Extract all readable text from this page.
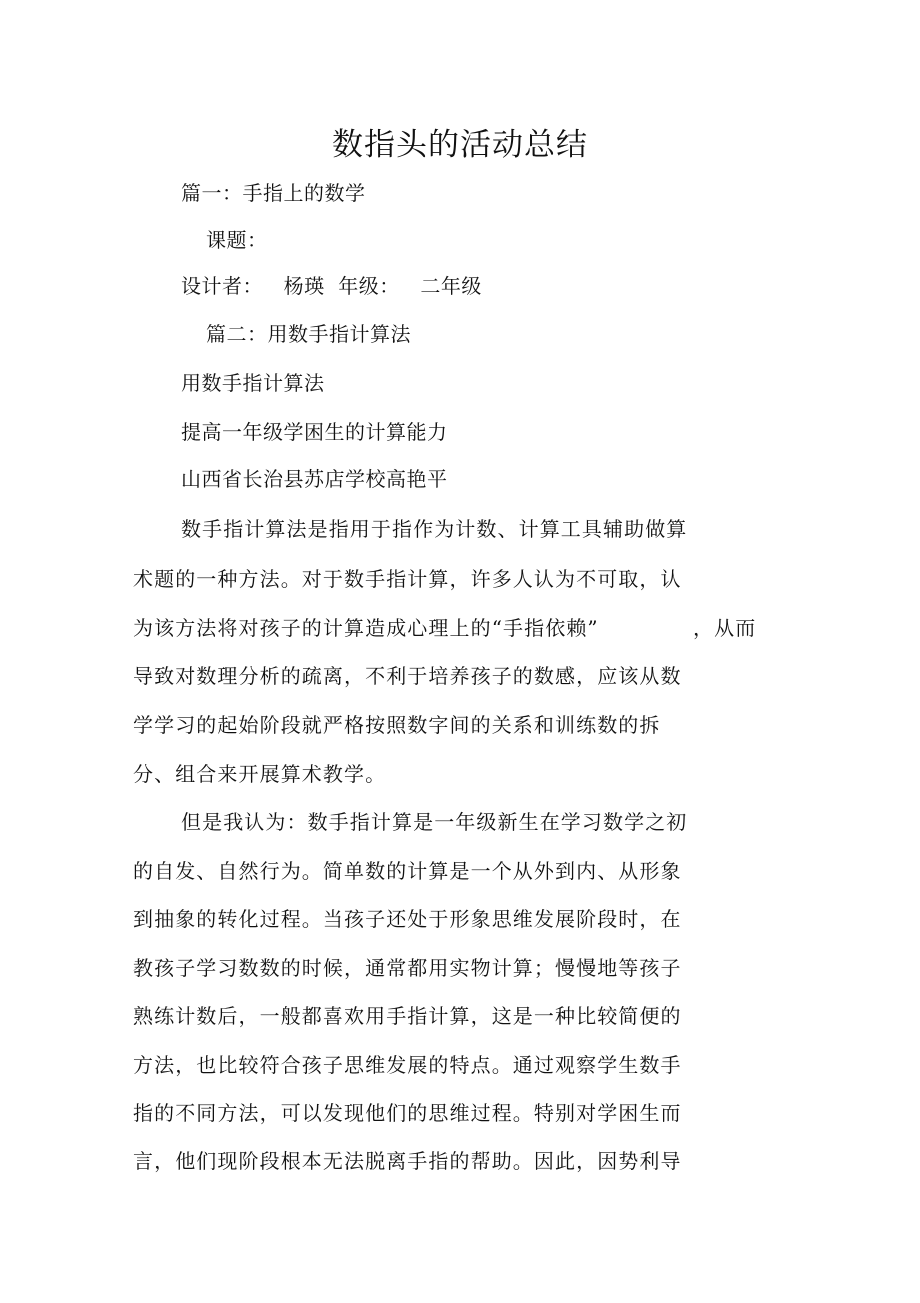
数指头的活动总结
篇一：手指上的数学
课题：
设计者：   杨瑛  年级：   二年级
篇二：用数手指计算法
用数手指计算法
提高一年级学困生的计算能力
山西省长治县苏店学校高艳平
数手指计算法是指用于指作为计数、计算工具辅助做算
术题的一种方法。对于数手指计算，许多人认为不可取，认
为该方法将对孩子的计算造成心理上的“手指依赖”	，从而
导致对数理分析的疏离，不利于培养孩子的数感，应该从数
学学习的起始阶段就严格按照数字间的关系和训练数的拆
分、组合来开展算术教学。
但是我认为：数手指计算是一年级新生在学习数学之初
的自发、自然行为。简单数的计算是一个从外到内、从形象
到抽象的转化过程。当孩子还处于形象思维发展阶段时，在
教孩子学习数数的时候，通常都用实物计算；慢慢地等孩子
熟练计数后，一般都喜欢用手指计算，这是一种比较简便的
方法，也比较符合孩子思维发展的特点。通过观察学生数手
指的不同方法，可以发现他们的思维过程。特别对学困生而
言，他们现阶段根本无法脱离手指的帮助。因此，因势利导
